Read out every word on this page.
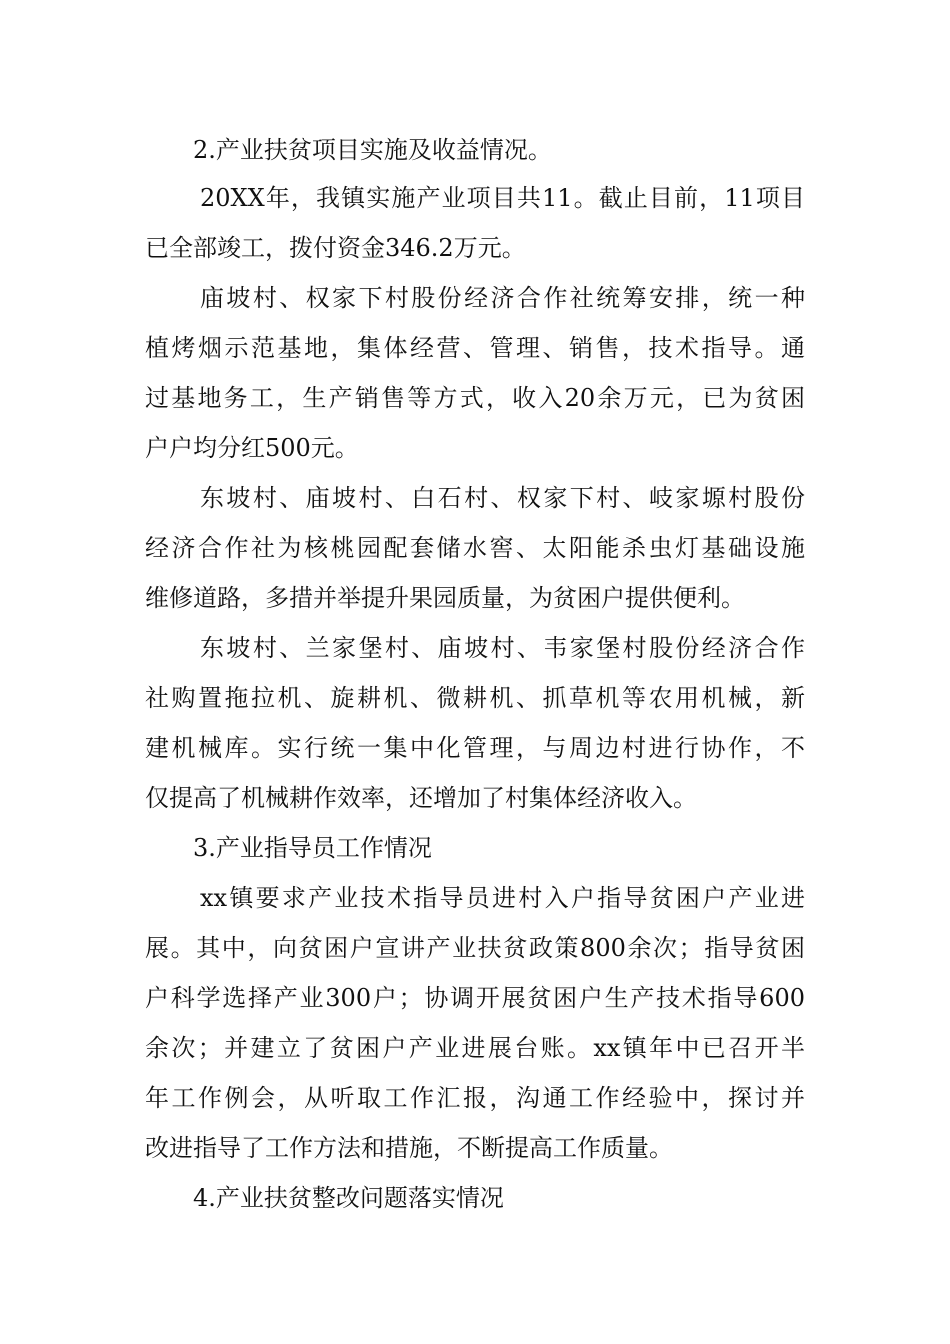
2.产业扶贫项目实施及收益情况。
20XX年，我镇实施产业项目共11。截止目前，11项目
已全部竣工，拨付资金346.2万元。
庙坡村、权家下村股份经济合作社统筹安排，统一种
植烤烟示范基地，集体经营、管理、销售，技术指导。通
过基地务工，生产销售等方式，收入20余万元，已为贫困
户户均分红500元。
东坡村、庙坡村、白石村、权家下村、岐家塬村股份
经济合作社为核桃园配套储水窖、太阳能杀虫灯基础设施
维修道路，多措并举提升果园质量，为贫困户提供便利。
东坡村、兰家堡村、庙坡村、韦家堡村股份经济合作
社购置拖拉机、旋耕机、微耕机、抓草机等农用机械，新
建机械库。实行统一集中化管理，与周边村进行协作，不
仅提高了机械耕作效率，还增加了村集体经济收入。
3.产业指导员工作情况
xx镇要求产业技术指导员进村入户指导贫困户产业进
展。其中，向贫困户宣讲产业扶贫政策800余次；指导贫困
户科学选择产业300户；协调开展贫困户生产技术指导600
余次；并建立了贫困户产业进展台账。xx镇年中已召开半
年工作例会，从听取工作汇报，沟通工作经验中，探讨并
改进指导了工作方法和措施，不断提高工作质量。
4.产业扶贫整改问题落实情况
